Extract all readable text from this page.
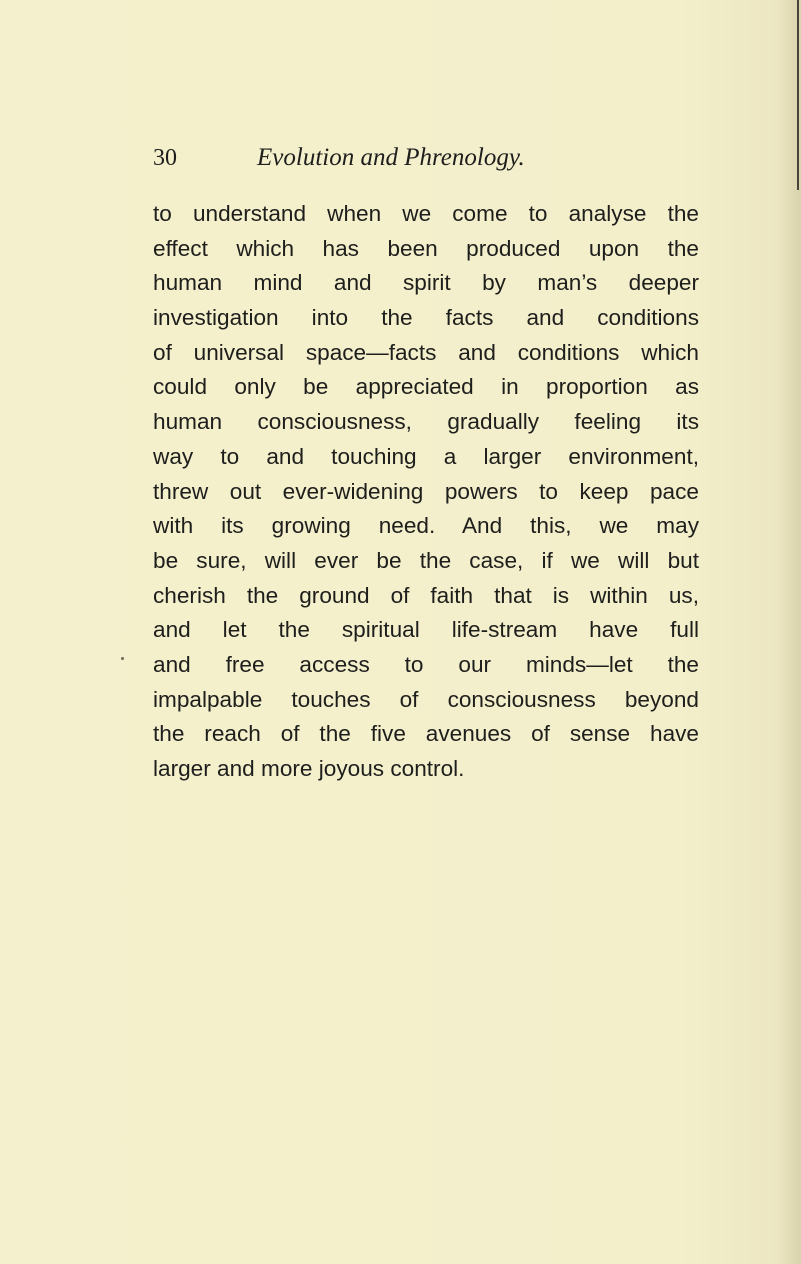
30	Evolution and Phrenology.
to understand when we come to analyse the
effect which has been produced upon the
human mind and spirit by man’s deeper
investigation into the facts and conditions
of universal space—facts and conditions which
could only be appreciated in proportion as
human consciousness, gradually feeling its
way to and touching a larger environment,
threw out ever-widening powers to keep pace
with its growing need. And this, we may
be sure, will ever be the case, if we will but
cherish the ground of faith that is within us,
and let the spiritual life-stream have full
and free access to our minds—let the
impalpable touches of consciousness beyond
the reach of the five avenues of sense have
larger and more joyous control.
